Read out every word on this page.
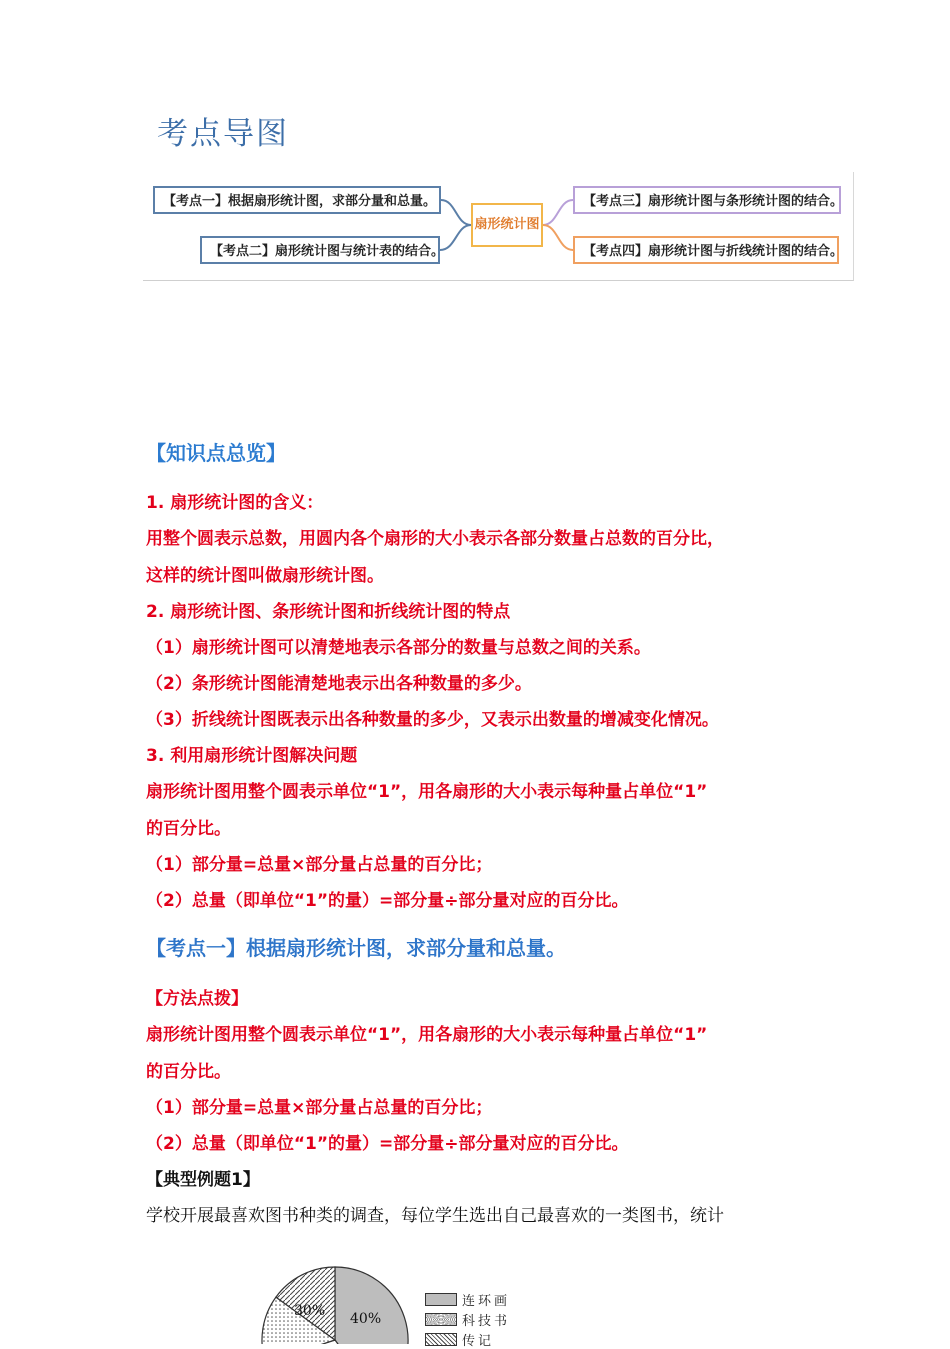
考点导图
【考点一】根据扇形统计图，求部分量和总量。
【考点二】扇形统计图与统计表的结合。
【考点三】扇形统计图与条形统计图的结合。
【考点四】扇形统计图与折线统计图的结合。
扇形统计图
【知识点总览】
1. 扇形统计图的含义：
用整个圆表示总数，用圆内各个扇形的大小表示各部分数量占总数的百分比，
这样的统计图叫做扇形统计图。
2. 扇形统计图、条形统计图和折线统计图的特点
（1）扇形统计图可以清楚地表示各部分的数量与总数之间的关系。
（2）条形统计图能清楚地表示出各种数量的多少。
（3）折线统计图既表示出各种数量的多少，又表示出数量的增减变化情况。
3. 利用扇形统计图解决问题
扇形统计图用整个圆表示单位“1”，用各扇形的大小表示每种量占单位“1”
的百分比。
（1）部分量=总量×部分量占总量的百分比；
（2）总量（即单位“1”的量）=部分量÷部分量对应的百分比。
【考点一】根据扇形统计图，求部分量和总量。
【方法点拨】
扇形统计图用整个圆表示单位“1”，用各扇形的大小表示每种量占单位“1”
的百分比。
（1）部分量=总量×部分量占总量的百分比；
（2）总量（即单位“1”的量）=部分量÷部分量对应的百分比。
【典型例题1】
学校开展最喜欢图书种类的调查，每位学生选出自己最喜欢的一类图书，统计
40%
30%
连环画
科技书
传记
